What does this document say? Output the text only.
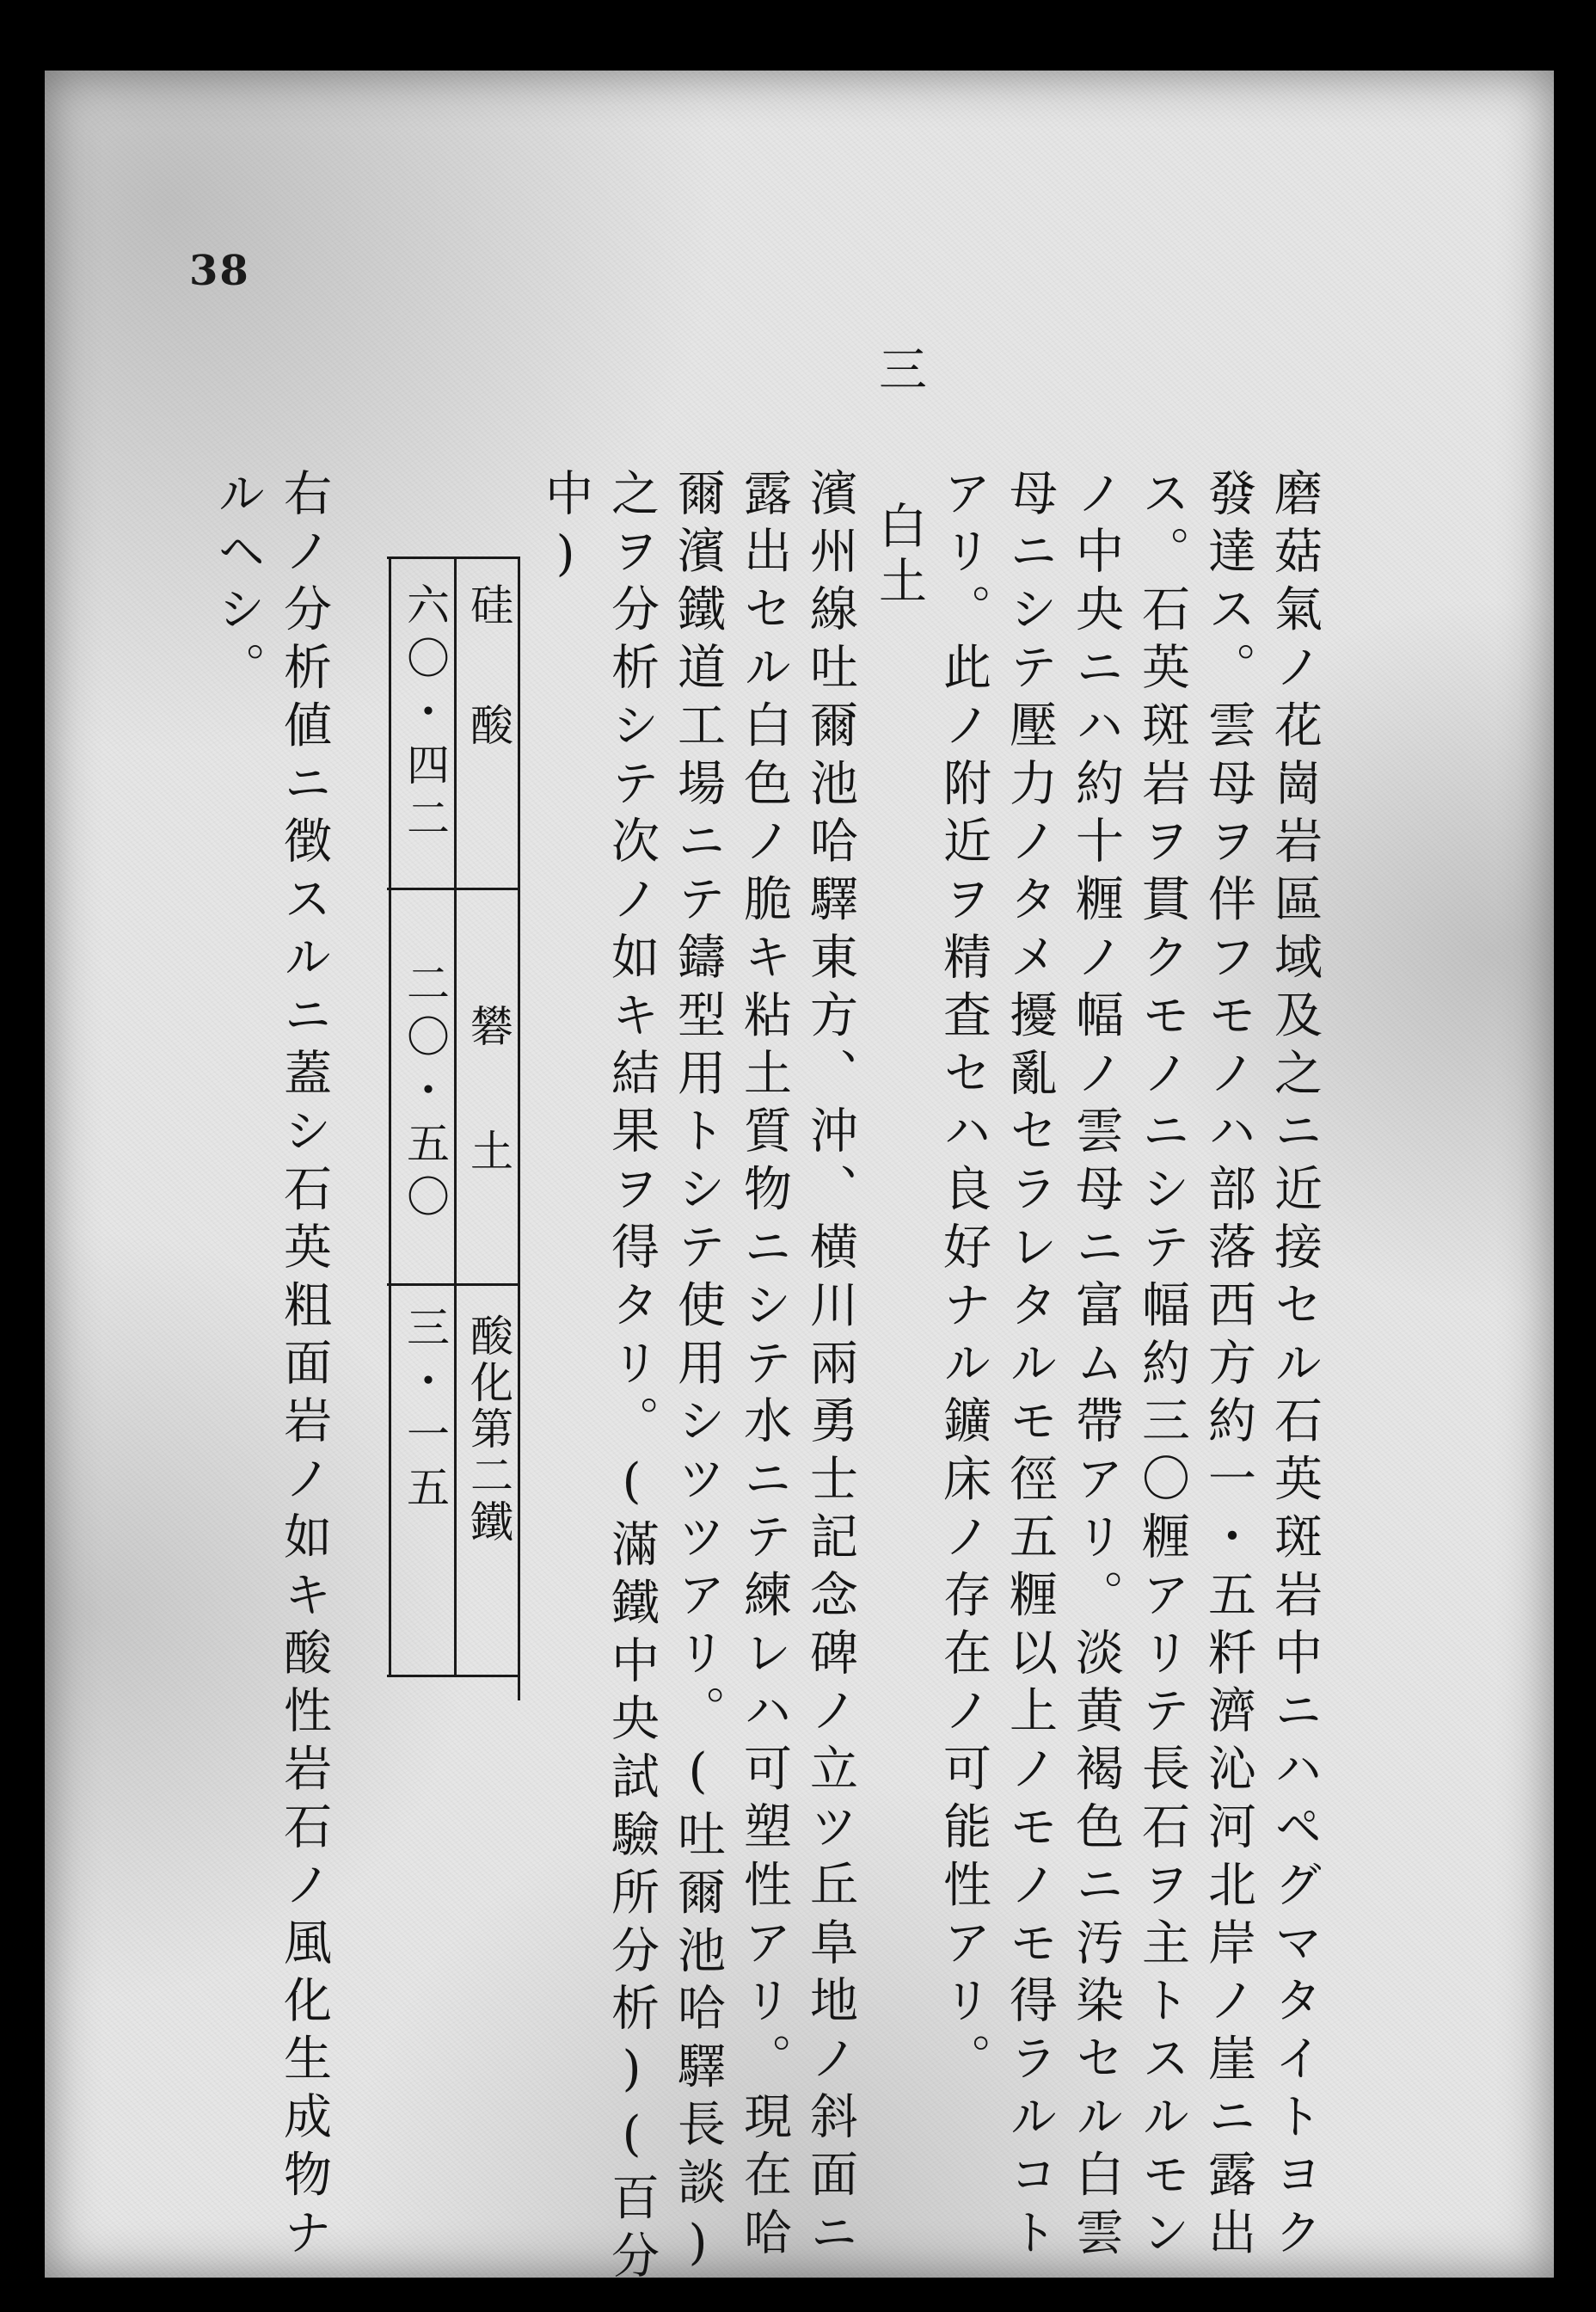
38
磨菇氣ノ花崗岩區域及之ニ近接セル石英斑岩中ニハペグマタイトヨク
發達ス。雲母ヲ伴フモノハ部落西方約一・五粁濟沁河北岸ノ崖ニ露出
ス。石英斑岩ヲ貫クモノニシテ幅約三〇糎アリテ長石ヲ主トスルモン
ノ中央ニハ約十糎ノ幅ノ雲母ニ富ム帶アリ。淡黄褐色ニ汚染セル白雲
母ニシテ壓力ノタメ擾亂セラレタルモ徑五糎以上ノモノモ得ラルコト
アリ。此ノ附近ヲ精査セハ良好ナル鑛床ノ存在ノ可能性アリ。
三
白土
濱州線吐爾池哈驛東方、沖、横川兩勇士記念碑ノ立ツ丘阜地ノ斜面ニ
露出セル白色ノ脆キ粘土質物ニシテ水ニテ練レハ可塑性アリ。現在哈
爾濱鐵道工場ニテ鑄型用トシテ使用シツツアリ。(吐爾池哈驛長談)
之ヲ分析シテ次ノ如キ結果ヲ得タリ。(滿鐵中央試驗所分析)(百分
中)
硅酸
礬土
酸化第二鐵
六〇・四二
二〇・五〇
三・一五
右ノ分析値ニ徴スルニ蓋シ石英粗面岩ノ如キ酸性岩石ノ風化生成物ナ
ルヘシ。
